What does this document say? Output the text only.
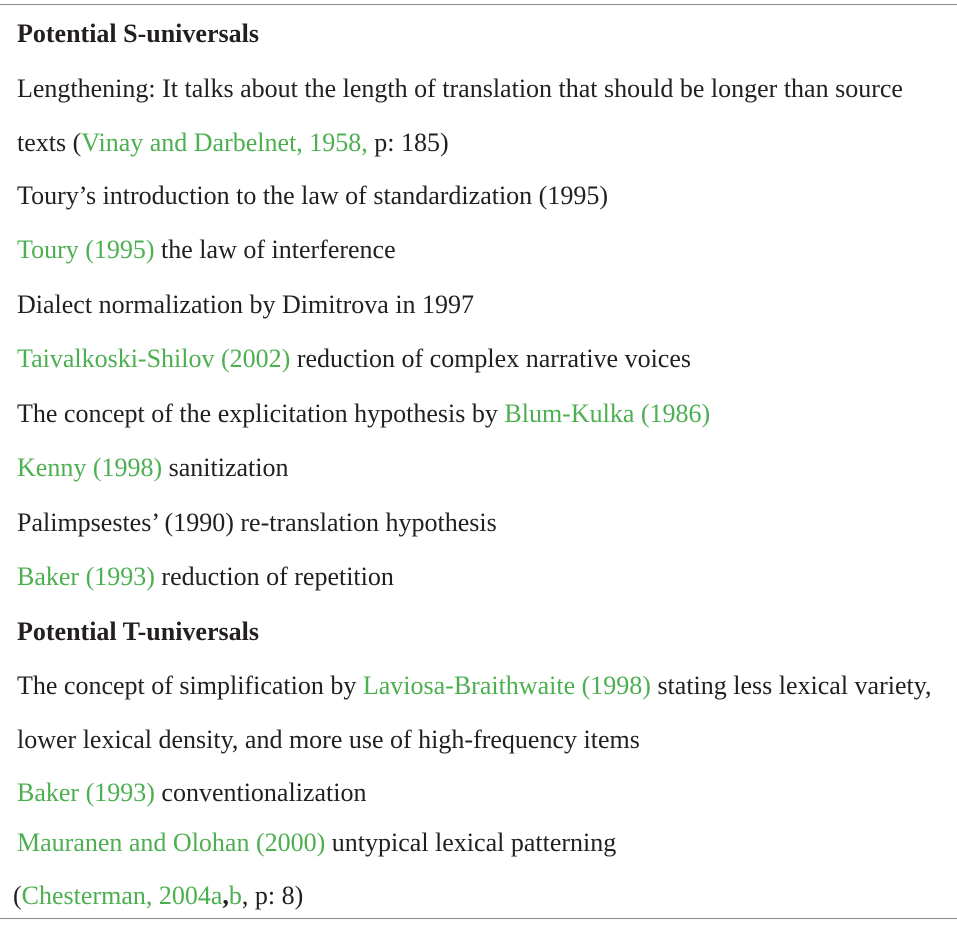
Potential S-universals
Lengthening: It talks about the length of translation that should be longer than source texts (Vinay and Darbelnet, 1958, p: 185)
Toury’s introduction to the law of standardization (1995)
Toury (1995) the law of interference
Dialect normalization by Dimitrova in 1997
Taivalkoski-Shilov (2002) reduction of complex narrative voices
The concept of the explicitation hypothesis by Blum-Kulka (1986)
Kenny (1998) sanitization
Palimpsestes’ (1990) re-translation hypothesis
Baker (1993) reduction of repetition
Potential T-universals
The concept of simplification by Laviosa-Braithwaite (1998) stating less lexical variety, lower lexical density, and more use of high-frequency items
Baker (1993) conventionalization
Mauranen and Olohan (2000) untypical lexical patterning
(Chesterman, 2004a,b, p: 8)
